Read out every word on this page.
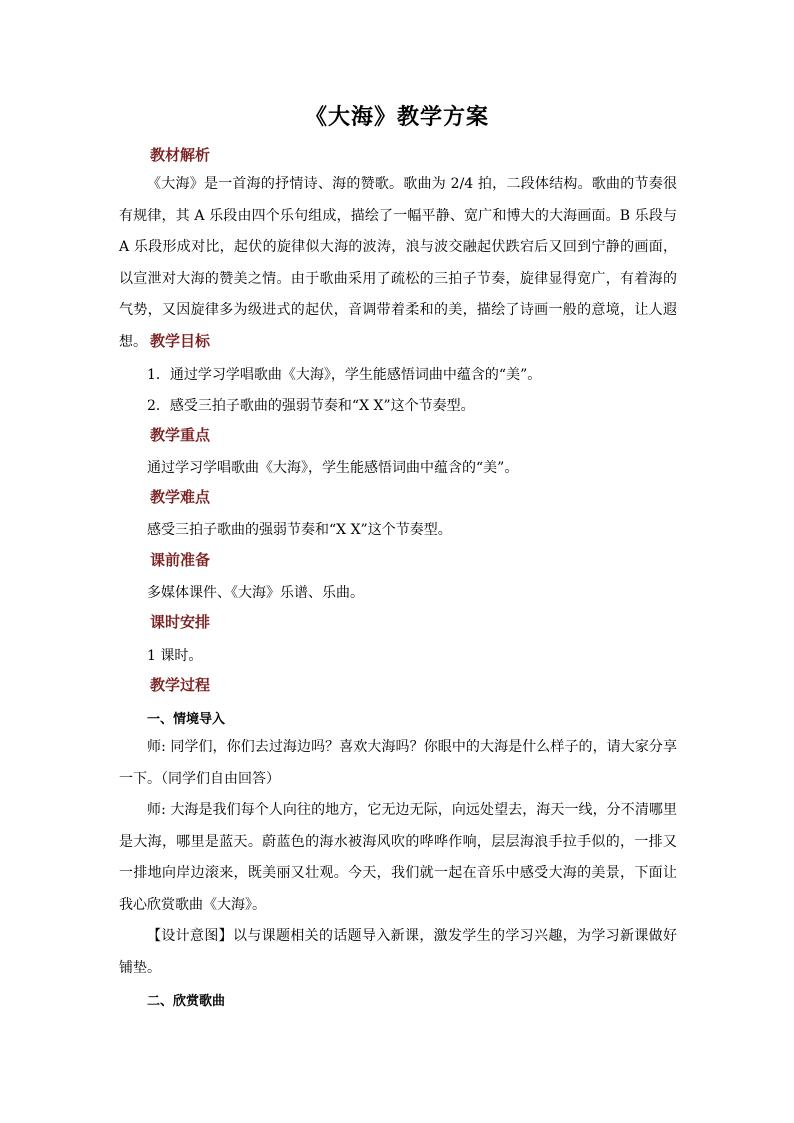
《大海》教学方案
教材解析
《大海》是一首海的抒情诗、海的赞歌。歌曲为 2/4 拍，二段体结构。歌曲的节奏很有规律，其 A 乐段由四个乐句组成，描绘了一幅平静、宽广和博大的大海画面。B 乐段与 A 乐段形成对比，起伏的旋律似大海的波涛，浪与波交融起伏跌宕后又回到宁静的画面，以宣泄对大海的赞美之情。由于歌曲采用了疏松的三拍子节奏，旋律显得宽广，有着海的气势，又因旋律多为级进式的起伏，音调带着柔和的美，描绘了诗画一般的意境，让人遐想。 教学目标
1．通过学习学唱歌曲《大海》，学生能感悟词曲中蕴含的“美”。
2．感受三拍子歌曲的强弱节奏和“X X”这个节奏型。
教学重点
通过学习学唱歌曲《大海》，学生能感悟词曲中蕴含的“美”。
教学难点
感受三拍子歌曲的强弱节奏和“X X”这个节奏型。
课前准备
多媒体课件、《大海》乐谱、乐曲。
课时安排
1 课时。
教学过程
一、情境导入
师: 同学们，你们去过海边吗？喜欢大海吗？你眼中的大海是什么样子的，请大家分享一下。（同学们自由回答）
师: 大海是我们每个人向往的地方，它无边无际，向远处望去，海天一线，分不清哪里是大海，哪里是蓝天。蔚蓝色的海水被海风吹的哗哗作响，层层海浪手拉手似的，一排又一排地向岸边滚来，既美丽又壮观。今天，我们就一起在音乐中感受大海的美景，下面让我心欣赏歌曲《大海》。
【设计意图】以与课题相关的话题导入新课，激发学生的学习兴趣，为学习新课做好铺垫。
二、欣赏歌曲
